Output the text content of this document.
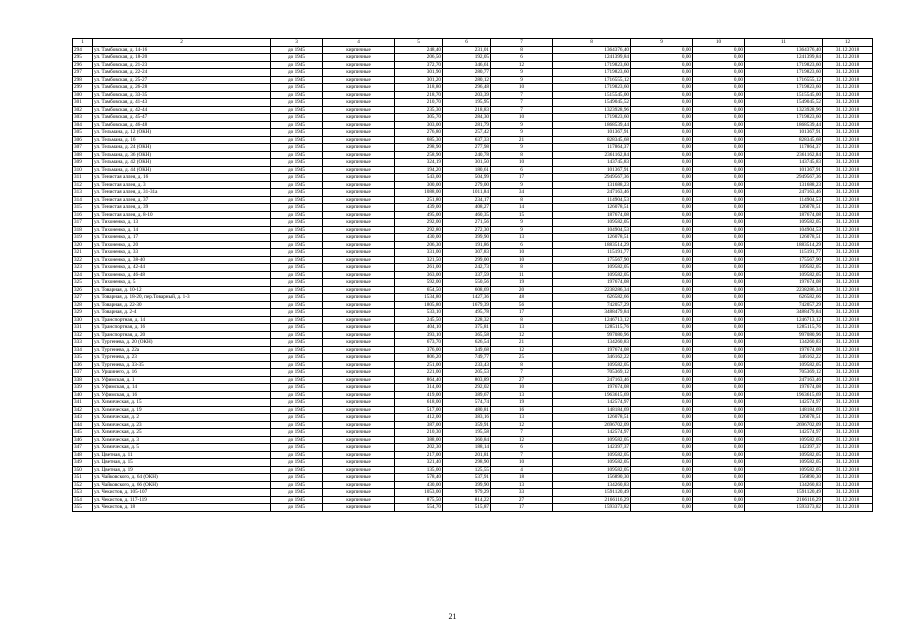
1	2	3	4	5	6	7	8	9	10	11	12
294	ул. Тамбовская, д. 14-16	до 1945	кирпичные	248,40	231,01	8	1364376,40	0,00	0,00	1364376,40	31.12.2018
295	ул. Тамбовская, д. 18-20	до 1945	кирпичные	206,50	192,05	6	1241399,84	0,00	0,00	1241399,84	31.12.2018
296	ул. Тамбовская, д. 21-23	до 1945	кирпичные	372,70	346,61	12	1719823,60	0,00	0,00	1719823,60	31.12.2018
297	ул. Тамбовская, д. 22-24	до 1945	кирпичные	301,90	280,77	9	1719823,60	0,00	0,00	1719823,60	31.12.2018
298	ул. Тамбовская, д. 25-27	до 1945	кирпичные	301,20	280,12	9	1716555,12	0,00	0,00	1716555,12	31.12.2018
299	ул. Тамбовская, д. 26-28	до 1945	кирпичные	318,80	296,48	10	1719823,60	0,00	0,00	1719823,60	31.12.2018
300	ул. Тамбовская, д. 33-35	до 1945	кирпичные	218,70	203,39	7	1515545,00	0,00	0,00	1515545,00	31.12.2018
301	ул. Тамбовская, д. 41-43	до 1945	кирпичные	210,70	195,95	7	1549045,52	0,00	0,00	1549045,52	31.12.2018
302	ул. Тамбовская, д. 42-44	до 1945	кирпичные	235,30	218,83	7	1323928,96	0,00	0,00	1323928,96	31.12.2018
303	ул. Тамбовская, д. 45-47	до 1945	кирпичные	305,70	284,30	10	1719823,60	0,00	0,00	1719823,60	31.12.2018
304	ул. Тамбовская, д. 46-48	до 1945	кирпичные	303,00	281,79	9	1868539,44	0,00	0,00	1868539,44	31.12.2018
305	ул. Тельмана, д. 12 (ОКН)	до 1945	кирпичные	276,80	257,42	9	101367,91	0,00	0,00	101367,91	31.12.2018
306	ул. Тельмана, д. 16	до 1945	кирпичные	685,30	637,33	21	828345,68	0,00	0,00	828345,68	31.12.2018
307	ул. Тельмана, д. 24 (ОКН)	до 1945	кирпичные	298,90	277,98	9	117864,37	0,00	0,00	117864,37	31.12.2018
308	ул. Тельмана, д. 36 (ОКН)	до 1945	кирпичные	258,90	240,78	8	2361162,84	0,00	0,00	2361162,84	31.12.2018
309	ул. Тельмана, д. 42 (ОКН)	до 1945	кирпичные	324,19	301,50	10	143745,83	0,00	0,00	143745,83	31.12.2018
310	ул. Тельмана, д. 44 (ОКН)	до 1945	кирпичные	194,20	180,61	6	101367,91	0,00	0,00	101367,91	31.12.2018
311	ул. Тенистая аллея, д. 16	до 1945	кирпичные	543,00	504,99	17	2949567,36	0,00	0,00	2949567,36	31.12.2018
312	ул. Тенистая аллея, д. 3	до 1945	кирпичные	300,00	279,00	9	131688,23	0,00	0,00	131688,23	31.12.2018
313	ул. Тенистая аллея, д. 31-31а	до 1945	кирпичные	1088,00	1011,84	34	247163,46	0,00	0,00	247163,46	31.12.2018
314	ул. Тенистая аллея, д. 37	до 1945	кирпичные	251,80	234,17	8	114904,53	0,00	0,00	114904,53	31.12.2018
315	ул. Тенистая аллея, д. 39	до 1945	кирпичные	439,00	408,27	14	126078,51	0,00	0,00	126078,51	31.12.2018
316	ул. Тенистая аллея, д. 8-10	до 1945	кирпичные	495,00	460,35	15	187674,08	0,00	0,00	187674,08	31.12.2018
317	ул. Тихоненко, д. 13	до 1945	кирпичные	292,00	271,56	9	109582,05	0,00	0,00	109582,05	31.12.2018
318	ул. Тихоненко, д. 14	до 1945	кирпичные	292,80	272,30	9	104904,53	0,00	0,00	104904,53	31.12.2018
319	ул. Тихоненко, д. 17	до 1945	кирпичные	430,00	399,90	13	126078,51	0,00	0,00	126078,51	31.12.2018
320	ул. Тихоненко, д. 20	до 1945	кирпичные	206,30	191,86	6	1883514,29	0,00	0,00	1883514,29	31.12.2018
321	ул. Тихоненко, д. 33	до 1945	кирпичные	331,00	307,83	10	115191,77	0,00	0,00	115191,77	31.12.2018
322	ул. Тихоненко, д. 38-40	до 1945	кирпичные	321,50	299,00	10	175567,90	0,00	0,00	175567,90	31.12.2018
323	ул. Тихоненко, д. 42-44	до 1945	кирпичные	261,00	242,73	8	109582,05	0,00	0,00	109582,05	31.12.2018
324	ул. Тихоненко, д. 46-48	до 1945	кирпичные	363,00	337,59	11	109582,05	0,00	0,00	109582,05	31.12.2018
325	ул. Тихоненко, д. 5	до 1945	кирпичные	592,00	550,56	19	197674,08	0,00	0,00	197674,08	31.12.2018
326	ул. Товарная, д. 10-12	до 1945	кирпичные	654,50	608,69	20	2238286,34	0,00	0,00	2238286,34	31.12.2018
327	ул. Товарная, д. 18-20, пер.Товарный, д. 1-3	до 1945	кирпичные	1534,80	1427,36	48	626582,66	0,00	0,00	626582,66	31.12.2018
328	ул. Товарная, д. 22-30	до 1945	кирпичные	1805,80	1679,39	56	742057,29	0,00	0,00	742057,29	31.12.2018
329	ул. Товарная, д. 2-4	до 1945	кирпичные	533,10	495,78	17	3488479,84	0,00	0,00	3488479,84	31.12.2018
330	ул. Транспортная, д. 14	до 1945	кирпичные	245,50	228,32	8	1246713,12	0,00	0,00	1246713,12	31.12.2018
331	ул. Транспортная, д. 16	до 1945	кирпичные	404,10	375,81	13	1285115,76	0,00	0,00	1285115,76	31.12.2018
332	ул. Транспортная, д. 20	до 1945	кирпичные	393,10	365,58	12	997080,96	0,00	0,00	997080,96	31.12.2018
333	ул. Тургенева, д. 20 (ОКН)	до 1945	кирпичные	673,70	626,54	21	134260,83	0,00	0,00	134260,83	31.12.2018
334	ул. Тургенева, д. 22а	до 1945	кирпичные	376,00	349,68	12	197674,08	0,00	0,00	197674,08	31.12.2018
335	ул. Тургенева, д. 23	до 1945	кирпичные	806,20	749,77	25	346162,22	0,00	0,00	346162,22	31.12.2018
336	ул. Тургенева, д. 33-35	до 1945	кирпичные	251,00	233,43	8	109582,05	0,00	0,00	109582,05	31.12.2018
337	ул. Уршинего, д. 16	до 1945	кирпичные	221,00	205,53	7	705369,12	0,00	0,00	705369,12	31.12.2018
338	ул. Уфимская, д. 1	до 1945	кирпичные	864,40	803,89	27	247163,46	0,00	0,00	247163,46	31.12.2018
339	ул. Уфимская, д. 14	до 1945	кирпичные	314,00	292,02	10	197674,08	0,00	0,00	197674,08	31.12.2018
340	ул. Уфимская, д. 16	до 1945	кирпичные	419,00	389,67	13	1963615,69	0,00	0,00	1963615,69	31.12.2018
341	ул. Химическая, д. 15	до 1945	кирпичные	618,00	574,74	19	142574,97	0,00	0,00	142574,97	31.12.2018
342	ул. Химическая, д. 19	до 1945	кирпичные	517,00	480,81	16	148184,69	0,00	0,00	148184,69	31.12.2018
343	ул. Химическая, д. 2	до 1945	кирпичные	412,00	383,16	13	126078,51	0,00	0,00	126078,51	31.12.2018
344	ул. Химическая, д. 23	до 1945	кирпичные	387,00	359,91	12	2696702,09	0,00	0,00	2696702,09	31.12.2018
345	ул. Химическая, д. 25	до 1945	кирпичные	210,30	195,58	7	142574,97	0,00	0,00	142574,97	31.12.2018
346	ул. Химическая, д. 3	до 1945	кирпичные	388,00	360,84	12	109582,05	0,00	0,00	109582,05	31.12.2018
347	ул. Химическая, д. 5	до 1945	кирпичные	202,30	188,14	6	142397,37	0,00	0,00	142397,37	31.12.2018
348	ул. Цветная, д. 11	до 1945	кирпичные	217,00	201,81	7	109582,05	0,00	0,00	109582,05	31.12.2018
349	ул. Цветная, д. 15	до 1945	кирпичные	321,40	298,90	10	109582,05	0,00	0,00	109582,05	31.12.2018
350	ул. Цветная, д. 19	до 1945	кирпичные	135,00	125,55	4	109582,05	0,00	0,00	109582,05	31.12.2018
351	ул. Чайковского, д. 64 (ОКН)	до 1945	кирпичные	578,40	537,91	18	156890,30	0,00	0,00	156890,30	31.12.2018
352	ул. Чайковского, д. 66 (ОКН)	до 1945	кирпичные	430,00	399,90	13	134260,83	0,00	0,00	134260,83	31.12.2018
353	ул. Чекистов, д. 105-107	до 1945	кирпичные	1053,00	979,29	33	1591120,49	0,00	0,00	1591120,49	31.12.2018
354	ул. Чекистов, д. 117-119	до 1945	кирпичные	875,50	814,22	27	2166116,29	0,00	0,00	2166116,29	31.12.2018
355	ул. Чекистов, д. 18	до 1945	кирпичные	554,70	515,87	17	1593373,82	0,00	0,00	1593373,82	31.12.2018
21
